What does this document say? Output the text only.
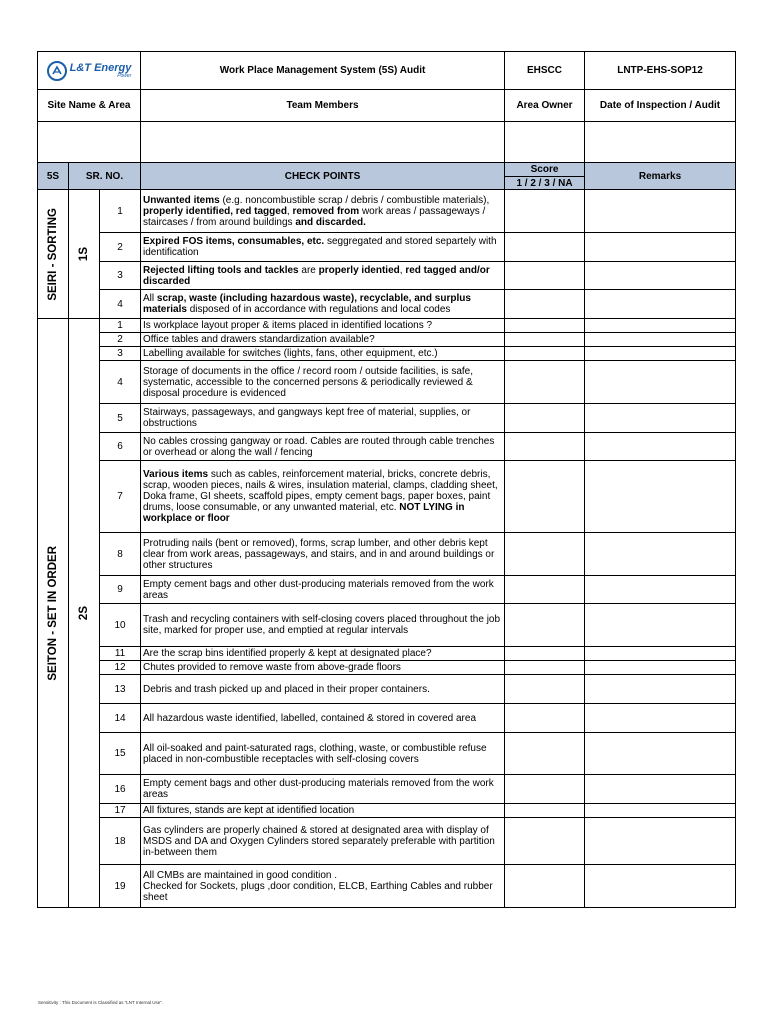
L&T Energy
Power			Work Place Management System (5S) Audit	EHSCC	LNTP-EHS-SOP12
Site Name & Area			Team Members	Area Owner	Date of Inspection / Audit

5S	SR. NO.		CHECK POINTS	Score	Remarks
				1 / 2 / 3 / NA	

SEIRI - SORTING	1S	1	Unwanted items (e.g. noncombustible scrap / debris / combustible materials), properly identified, red tagged, removed from work areas / passageways / staircases / from around buildings and discarded.		
		2	Expired FOS items, consumables, etc. seggregated and stored separtely with identification		
		3	Rejected lifting tools and tackles are properly identied, red tagged and/or discarded		
		4	All scrap, waste (including hazardous waste), recyclable, and surplus materials disposed of in accordance with regulations and local codes		

SEITON - SET IN ORDER	2S	1	Is workplace layout proper & items placed in identified locations ?		
		2	Office tables and drawers standardization available?		
		3	Labelling available for switches (lights, fans, other equipment, etc.)		
		4	Storage of documents in the office / record room / outside facilities, is safe, systematic, accessible to the concerned persons & periodically reviewed & disposal procedure is evidenced		
		5	Stairways, passageways, and gangways kept free of material, supplies, or obstructions		
		6	No cables crossing gangway or road. Cables are routed through cable trenches or overhead or along the wall / fencing		
		7	Various items such as cables, reinforcement material, bricks, concrete debris, scrap, wooden pieces, nails & wires, insulation material, clamps, cladding sheet, Doka frame, GI sheets, scaffold pipes, empty cement bags, paper boxes, paint drums, loose consumable, or any unwanted material, etc. NOT LYING in workplace or floor		
		8	Protruding nails (bent or removed), forms, scrap lumber, and other debris kept clear from work areas, passageways, and stairs, and in and around buildings or other structures		
		9	Empty cement bags and other dust-producing materials removed from the work areas		
		10	Trash and recycling containers with self-closing covers placed throughout the job site, marked for proper use, and emptied at regular intervals		
		11	Are the scrap bins identified properly & kept at designated place?		
		12	Chutes provided to remove waste from above-grade floors		
		13	Debris and trash picked up and placed in their proper containers.		
		14	All hazardous waste identified, labelled, contained & stored in covered area		
		15	All oil-soaked and paint-saturated rags, clothing, waste, or combustible refuse placed in non-combustible receptacles with self-closing covers		
		16	Empty cement bags and other dust-producing materials removed from the work areas		
		17	All fixtures, stands are kept at identified location		
		18	Gas cylinders are properly chained & stored at designated area with display of MSDS and DA and Oxygen Cylinders stored separately preferable with partition in-between them		
		19	All CMBs are maintained in good condition .
Checked for Sockets, plugs ,door condition, ELCB, Earthing Cables and rubber sheet		
Sensitivity : This Document is Classified as "LNT Internal Use".
